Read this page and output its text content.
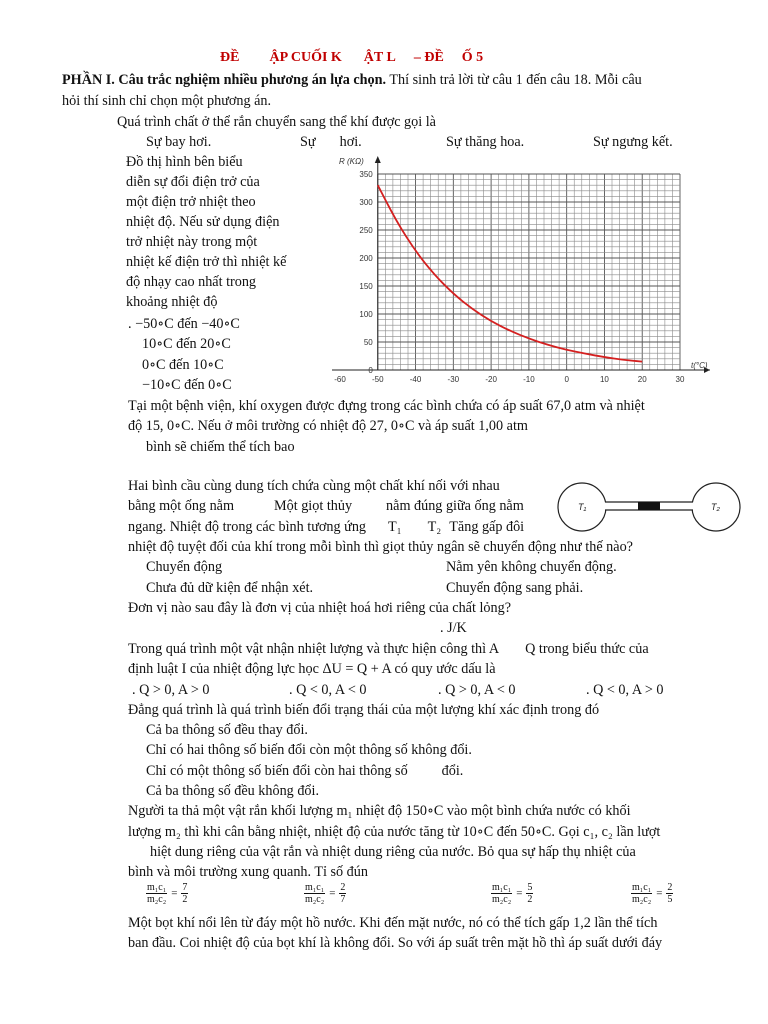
ĐỀ ẬP CUỐI K ẬT L – ĐỀ Ố 5
PHẦN I. Câu trắc nghiệm nhiều phương án lựa chọn. Thí sinh trả lời từ câu 1 đến câu 18. Mỗi câu
hỏi thí sinh chỉ chọn một phương án.
Quá trình chất ở thể rắn chuyển sang thể khí được gọi là
Sự bay hơi.	Sự hơi.	Sự thăng hoa.	Sự ngưng kết.
Đồ thị hình bên biểu
diễn sự đổi điện trở của
một điện trở nhiệt theo
nhiệt độ. Nếu sử dụng điện
trở nhiệt này trong một
nhiệt kế điện trở thì nhiệt kế
độ nhạy cao nhất trong
khoảng nhiệt độ
. −50∘C đến −40∘C
10∘C đến 20∘C
0∘C đến 10∘C
−10∘C đến 0∘C	-60	-50	-40	-30	-20	-10	0	10	20	30
0
50
100
150
200
250
300
350
R (KΩ)
t(°C)
Tại một bệnh viện, khí oxygen được đựng trong các bình chứa có áp suất 67,0 atm và nhiệt
độ 15, 0∘C. Nếu ở môi trường có nhiệt độ 27, 0∘C và áp suất 1,00 atm
bình sẽ chiếm thể tích bao
Hai bình cầu cùng dung tích chứa cùng một chất khí nối với nhau
bằng một ống nằm	Một giọt thủy nằm đúng giữa ống nằm
ngang. Nhiệt độ trong các bình tương ứng T₁ T₂ Tăng gấp đôi
nhiệt độ tuyệt đối của khí trong mỗi bình thì giọt thủy ngân sẽ chuyển động như thế nào?
Chuyển động	Nằm yên không chuyển động.
Chưa đủ dữ kiện để nhận xét.	Chuyển động sang phải.
T₁	T₂
Đơn vị nào sau đây là đơn vị của nhiệt hoá hơi riêng của chất lỏng?
. J/K
Trong quá trình một vật nhận nhiệt lượng và thực hiện công thì A Q trong biểu thức của
định luật I của nhiệt động lực học ΔU = Q + A có quy ước dấu là
. Q > 0, A > 0	. Q < 0, A < 0	. Q > 0, A < 0	. Q < 0, A > 0
Đẳng quá trình là quá trình biến đổi trạng thái của một lượng khí xác định trong đó
Cả ba thông số đều thay đổi.
Chỉ có hai thông số biến đổi còn một thông số không đổi.
Chỉ có một thông số biến đổi còn hai thông số đổi.
Cả ba thông số đều không đổi.
Người ta thả một vật rắn khối lượng m₁ nhiệt độ 150∘C vào một bình chứa nước có khối
lượng m₂ thì khi cân bằng nhiệt, nhiệt độ của nước tăng từ 10∘C đến 50∘C. Gọi c₁, c₂ lần lượt
hiệt dung riêng của vật rắn và nhiệt dung riêng của nước. Bỏ qua sự hấp thụ nhiệt của
bình và môi trường xung quanh. Tỉ số đún
$\frac{\text{m₁c₁}}{\text{m₂c₂}} = \frac{7}{2}$	$\frac{\text{m₁c₁}}{\text{m₂c₂}} = \frac{2}{7}$	$\frac{\text{m₁c₁}}{\text{m₂c₂}} = \frac{5}{2}$	$\frac{\text{m₁c₁}}{\text{m₂c₂}} = \frac{2}{5}$
Một bọt khí nổi lên từ đáy một hồ nước. Khi đến mặt nước, nó có thể tích gấp 1,2 lần thể tích
ban đầu. Coi nhiệt độ của bọt khí là không đổi. So với áp suất trên mặt hồ thì áp suất dưới đáy
